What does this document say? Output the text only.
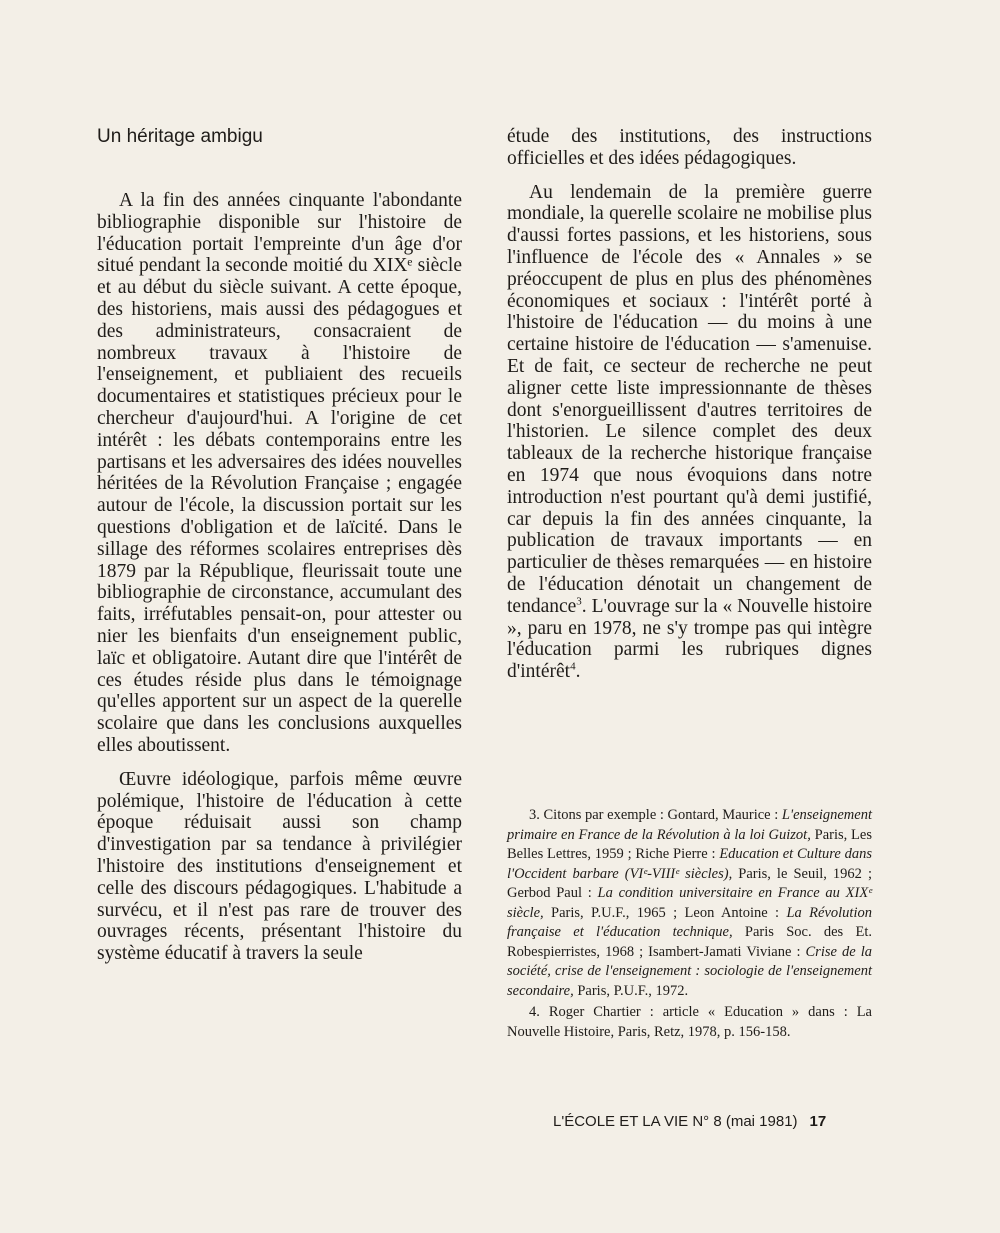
Un héritage ambigu

A la fin des années cinquante l'abondante bibliographie disponible sur l'histoire de l'éducation portait l'empreinte d'un âge d'or situé pendant la seconde moitié du XIXᵉ siècle et au début du siècle suivant. A cette époque, des historiens, mais aussi des pédagogues et des administrateurs, consacraient de nombreux travaux à l'histoire de l'enseignement, et publiaient des recueils documentaires et statistiques précieux pour le chercheur d'aujourd'hui. A l'origine de cet intérêt : les débats contemporains entre les partisans et les adversaires des idées nouvelles héritées de la Révolution Française ; engagée autour de l'école, la discussion portait sur les questions d'obligation et de laïcité. Dans le sillage des réformes scolaires entreprises dès 1879 par la République, fleurissait toute une bibliographie de circonstance, accumulant des faits, irréfutables pensait-on, pour attester ou nier les bienfaits d'un enseignement public, laïc et obligatoire. Autant dire que l'intérêt de ces études réside plus dans le témoignage qu'elles apportent sur un aspect de la querelle scolaire que dans les conclusions auxquelles elles aboutissent.

Œuvre idéologique, parfois même œuvre polémique, l'histoire de l'éducation à cette époque réduisait aussi son champ d'investigation par sa tendance à privilégier l'histoire des institutions d'enseignement et celle des discours pédagogiques. L'habitude a survécu, et il n'est pas rare de trouver des ouvrages récents, présentant l'histoire du système éducatif à travers la seule

étude des institutions, des instructions officielles et des idées pédagogiques.

Au lendemain de la première guerre mondiale, la querelle scolaire ne mobilise plus d'aussi fortes passions, et les historiens, sous l'influence de l'école des « Annales » se préoccupent de plus en plus des phénomènes économiques et sociaux : l'intérêt porté à l'histoire de l'éducation — du moins à une certaine histoire de l'éducation — s'amenuise. Et de fait, ce secteur de recherche ne peut aligner cette liste impressionnante de thèses dont s'enorgueillissent d'autres territoires de l'historien. Le silence complet des deux tableaux de la recherche historique française en 1974 que nous évoquions dans notre introduction n'est pourtant qu'à demi justifié, car depuis la fin des années cinquante, la publication de travaux importants — en particulier de thèses remarquées — en histoire de l'éducation dénotait un changement de tendance$^3$. L'ouvrage sur la « Nouvelle histoire », paru en 1978, ne s'y trompe pas qui intègre l'éducation parmi les rubriques dignes d'intérêt$^4$.

3. Citons par exemple : Gontard, Maurice : L'enseignement primaire en France de la Révolution à la loi Guizot, Paris, Les Belles Lettres, 1959 ; Riche Pierre : Education et Culture dans l'Occident barbare (VIᵉ-VIIIᵉ siècles), Paris, le Seuil, 1962 ; Gerbod Paul : La condition universitaire en France au XIXᵉ siècle, Paris, P.U.F., 1965 ; Leon Antoine : La Révolution française et l'éducation technique, Paris Soc. des Et. Robespierristes, 1968 ; Isambert-Jamati Viviane : Crise de la société, crise de l'enseignement : sociologie de l'enseignement secondaire, Paris, P.U.F., 1972.

4. Roger Chartier : article « Education » dans : La Nouvelle Histoire, Paris, Retz, 1978, p. 156-158.

L'ÉCOLE ET LA VIE N° 8 (mai 1981) 17
